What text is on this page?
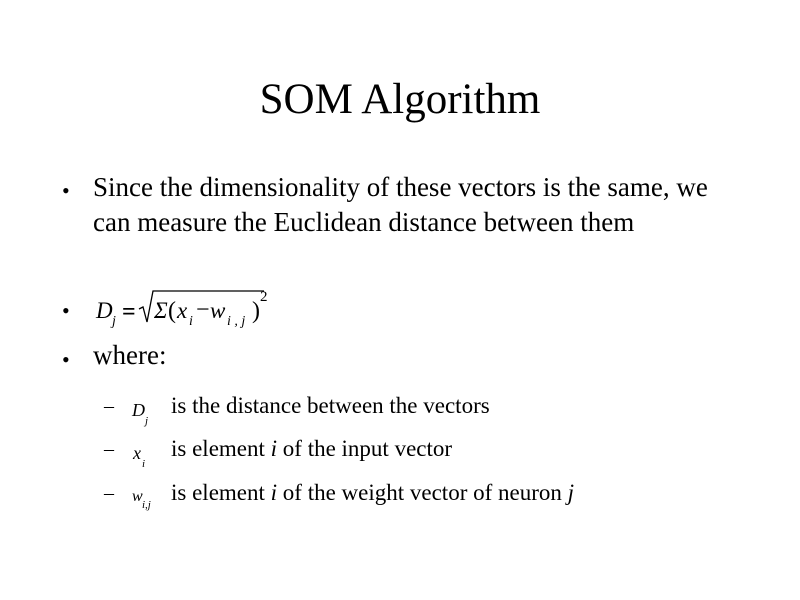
SOM Algorithm
• Since the dimensionality of these vectors is the same, we can measure the Euclidean distance between them
• D j = Σ ( x i − w i , j )
2
• where:
– D
j
is the distance between the vectors
– x
i
is element i of the input vector
– w i,j is element i of the weight vector of neuron j
